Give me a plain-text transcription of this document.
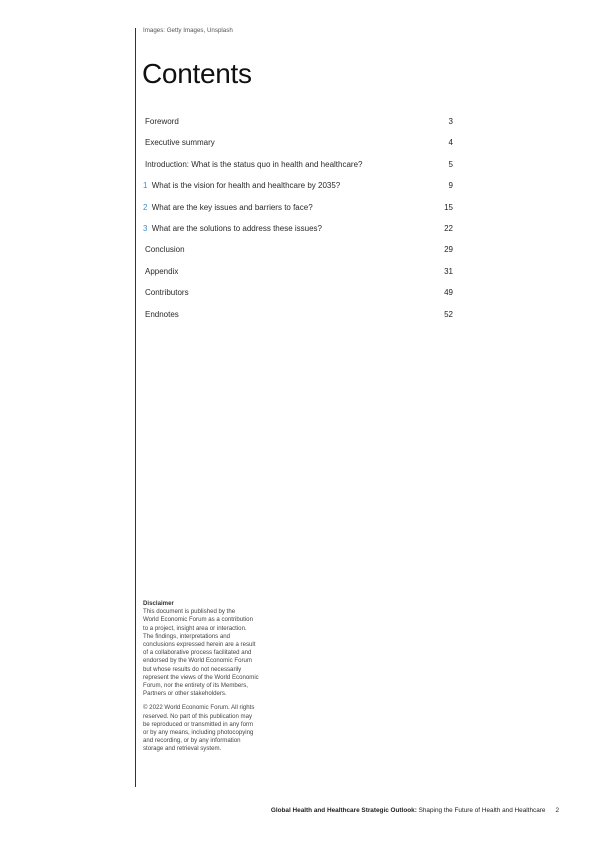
Images: Getty Images, Unsplash
Contents
Foreword	3
Executive summary	4
Introduction: What is the status quo in health and healthcare?	5
1 What is the vision for health and healthcare by 2035?	9
2 What are the key issues and barriers to face?	15
3 What are the solutions to address these issues?	22
Conclusion	29
Appendix	31
Contributors	49
Endnotes	52

Disclaimer

This document is published by the
World Economic Forum as a contribution
to a project, insight area or interaction.
The findings, interpretations and
conclusions expressed herein are a result
of a collaborative process facilitated and
endorsed by the World Economic Forum
but whose results do not necessarily
represent the views of the World Economic
Forum, nor the entirety of its Members,
Partners or other stakeholders.

© 2022 World Economic Forum. All rights
reserved. No part of this publication may
be reproduced or transmitted in any form
or by any means, including photocopying
and recording, or by any information
storage and retrieval system.

Global Health and Healthcare Strategic Outlook: Shaping the Future of Health and Healthcare 2
